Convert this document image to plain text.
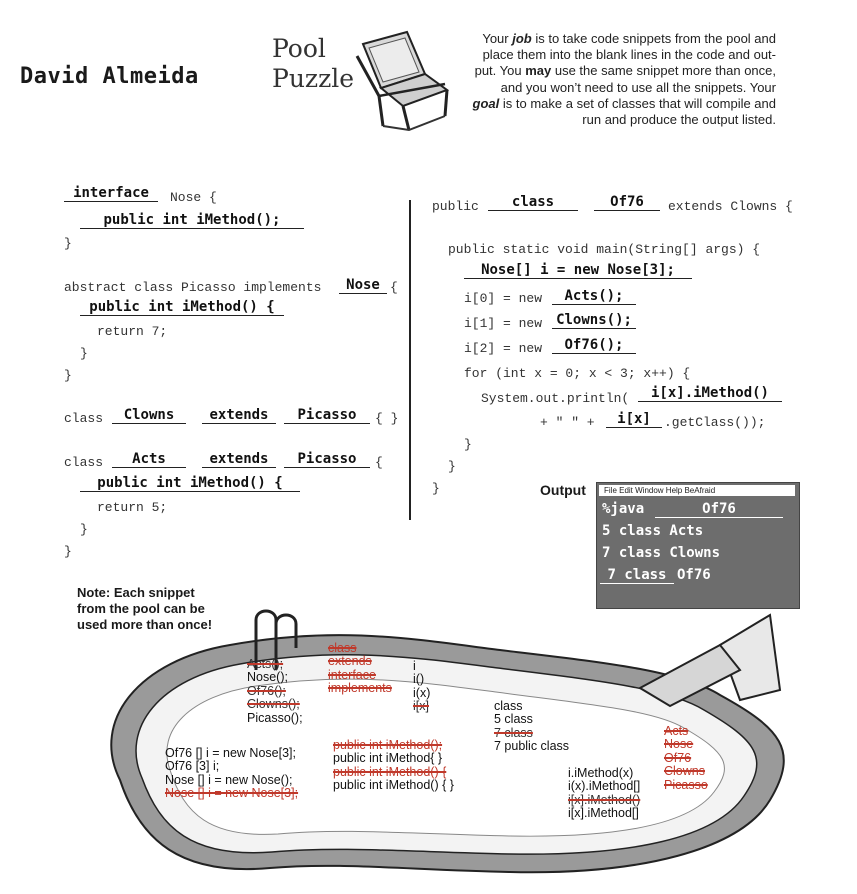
David Almeida
Pool
Puzzle
Your job is to take code snippets from the pool and
place them into the blank lines in the code and out-
put. You may use the same snippet more than once,
and you won’t need to use all the snippets. Your
goal is to make a set of classes that will compile and
run and produce the output listed.
interface	Nose {
public int iMethod();
}
abstract class Picasso implements	Nose {
public int iMethod() {
return 7;
}
}
class	Clowns	extends	Picasso	{ }
class	Acts	extends	Picasso	{
public int iMethod() {
return 5;
}
}
public	class	Of76	extends Clowns {
public static void main(String[] args) {
Nose[] i = new Nose[3];
i[0] = new	Acts();
i[1] = new Clowns();
i[2] = new	Of76();
for (int x = 0; x < 3; x++) {
System.out.println(	i[x].iMethod()
+ " " +	i[x]	.getClass());
}
}
}	Output	File Edit Window Help BeAfraid
%java	Of76
5 class Acts
7 class Clowns
7 class Of76
Note: Each snippet
from the pool can be
used more than once!
Acts();
Nose();
Of76();
Clowns();
Picasso();
class
extends
interface
implements
i
i()
i(x)
i[x]	class
5 class
7 class
7 public class
Acts
Nose
Of76
Clowns
Picasso
Of76 [] i = new Nose[3];
Of76 [3] i;
Nose [] i = new Nose();
Nose [] i = new Nose[3];
public int iMethod();
public int iMethod{ }
public int iMethod() {
public int iMethod() { }
i.iMethod(x)
i(x).iMethod[]
i[x].iMethod()
i[x].iMethod[]
